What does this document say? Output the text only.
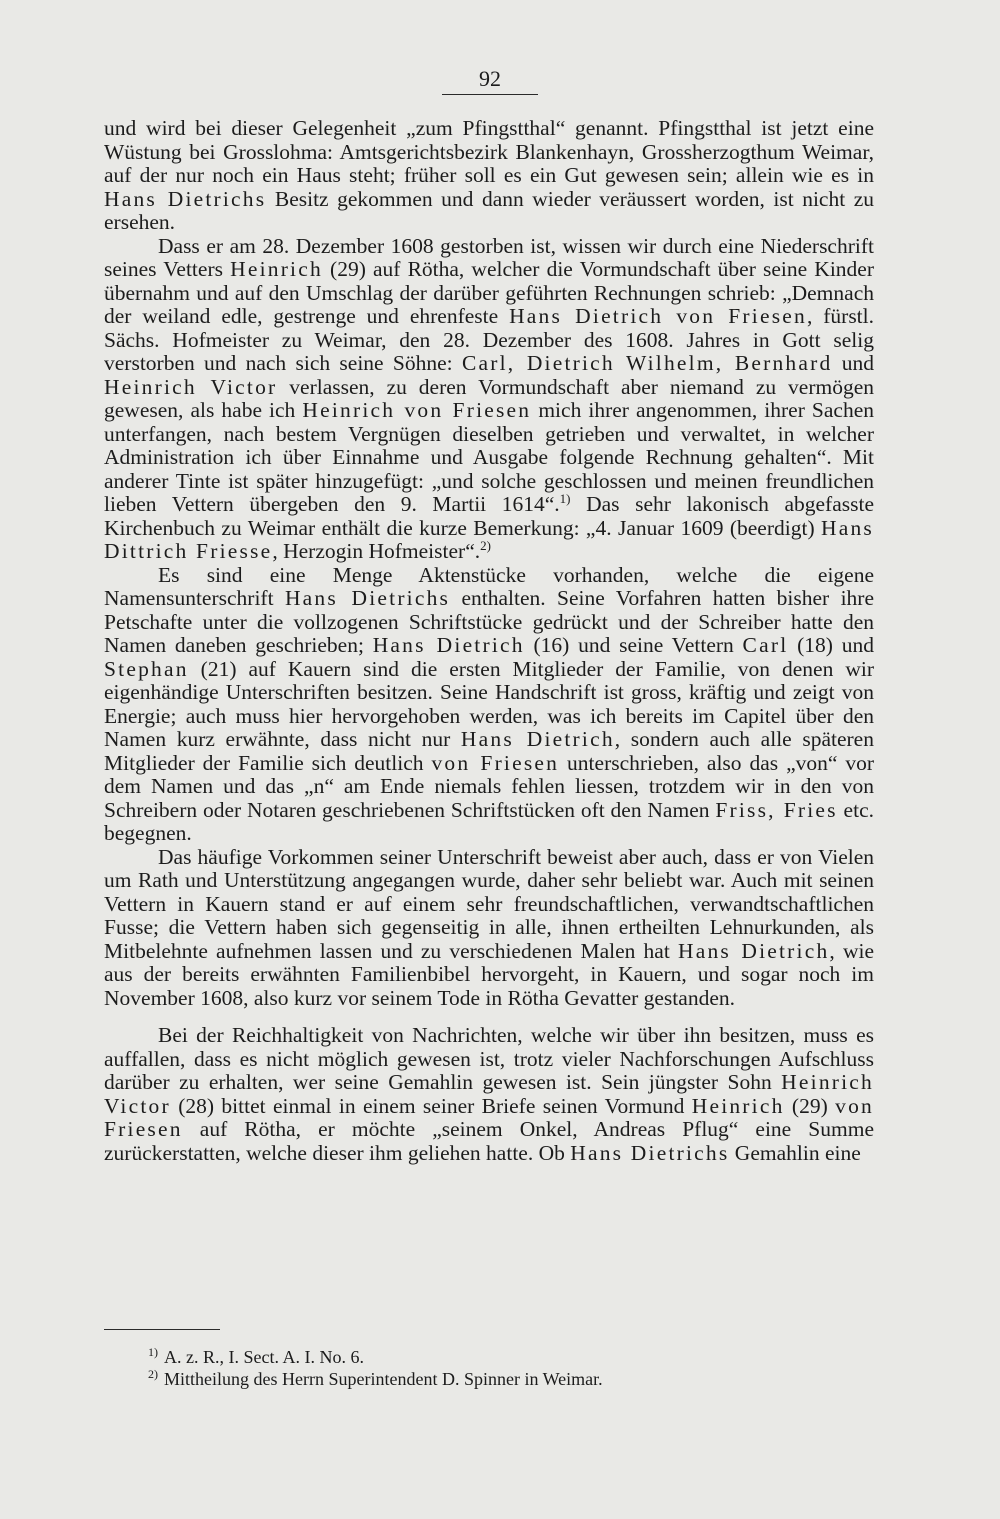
92

und wird bei dieser Gelegenheit „zum Pfingstthal“ genannt. Pfingstthal ist jetzt eine Wüstung bei Grosslohma: Amtsgerichtsbezirk Blankenhayn, Grossherzogthum Weimar, auf der nur noch ein Haus steht; früher soll es ein Gut gewesen sein; allein wie es in Hans Dietrichs Besitz gekommen und dann wieder veräussert worden, ist nicht zu ersehen.

Dass er am 28. Dezember 1608 gestorben ist, wissen wir durch eine Niederschrift seines Vetters Heinrich (29) auf Rötha, welcher die Vormundschaft über seine Kinder übernahm und auf den Umschlag der darüber geführten Rechnungen schrieb: „Demnach der weiland edle, gestrenge und ehrenfeste Hans Dietrich von Friesen, fürstl. Sächs. Hofmeister zu Weimar, den 28. Dezember des 1608. Jahres in Gott selig verstorben und nach sich seine Söhne: Carl, Dietrich Wilhelm, Bernhard und Heinrich Victor verlassen, zu deren Vormundschaft aber niemand zu vermögen gewesen, als habe ich Heinrich von Friesen mich ihrer angenommen, ihrer Sachen unterfangen, nach bestem Vergnügen dieselben getrieben und verwaltet, in welcher Administration ich über Einnahme und Ausgabe folgende Rechnung gehalten“. Mit anderer Tinte ist später hinzugefügt: „und solche geschlossen und meinen freundlichen lieben Vettern übergeben den 9. Martii 1614“.$^{1)}$ Das sehr lakonisch abgefasste Kirchenbuch zu Weimar enthält die kurze Bemerkung: „4. Januar 1609 (beerdigt) Hans Dittrich Friesse, Herzogin Hofmeister“.$^{2)}$

Es sind eine Menge Aktenstücke vorhanden, welche die eigene Namensunterschrift Hans Dietrichs enthalten. Seine Vorfahren hatten bisher ihre Petschafte unter die vollzogenen Schriftstücke gedrückt und der Schreiber hatte den Namen daneben geschrieben; Hans Dietrich (16) und seine Vettern Carl (18) und Stephan (21) auf Kauern sind die ersten Mitglieder der Familie, von denen wir eigenhändige Unterschriften besitzen. Seine Handschrift ist gross, kräftig und zeigt von Energie; auch muss hier hervorgehoben werden, was ich bereits im Capitel über den Namen kurz erwähnte, dass nicht nur Hans Dietrich, sondern auch alle späteren Mitglieder der Familie sich deutlich von Friesen unterschrieben, also das „von“ vor dem Namen und das „n“ am Ende niemals fehlen liessen, trotzdem wir in den von Schreibern oder Notaren geschriebenen Schriftstücken oft den Namen Friss, Fries etc. begegnen.

Das häufige Vorkommen seiner Unterschrift beweist aber auch, dass er von Vielen um Rath und Unterstützung angegangen wurde, daher sehr beliebt war. Auch mit seinen Vettern in Kauern stand er auf einem sehr freundschaftlichen, verwandtschaftlichen Fusse; die Vettern haben sich gegenseitig in alle, ihnen ertheilten Lehnurkunden, als Mitbelehnte aufnehmen lassen und zu verschiedenen Malen hat Hans Dietrich, wie aus der bereits erwähnten Familienbibel hervorgeht, in Kauern, und sogar noch im November 1608, also kurz vor seinem Tode in Rötha Gevatter gestanden.

Bei der Reichhaltigkeit von Nachrichten, welche wir über ihn besitzen, muss es auffallen, dass es nicht möglich gewesen ist, trotz vieler Nachforschungen Aufschluss darüber zu erhalten, wer seine Gemahlin gewesen ist. Sein jüngster Sohn Heinrich Victor (28) bittet einmal in einem seiner Briefe seinen Vormund Heinrich (29) von Friesen auf Rötha, er möchte „seinem Onkel, Andreas Pflug“ eine Summe zurückerstatten, welche dieser ihm geliehen hatte. Ob Hans Dietrichs Gemahlin eine

$^{1)}$ A. z. R., I. Sect. A. I. No. 6.

$^{2)}$ Mittheilung des Herrn Superintendent D. Spinner in Weimar.
